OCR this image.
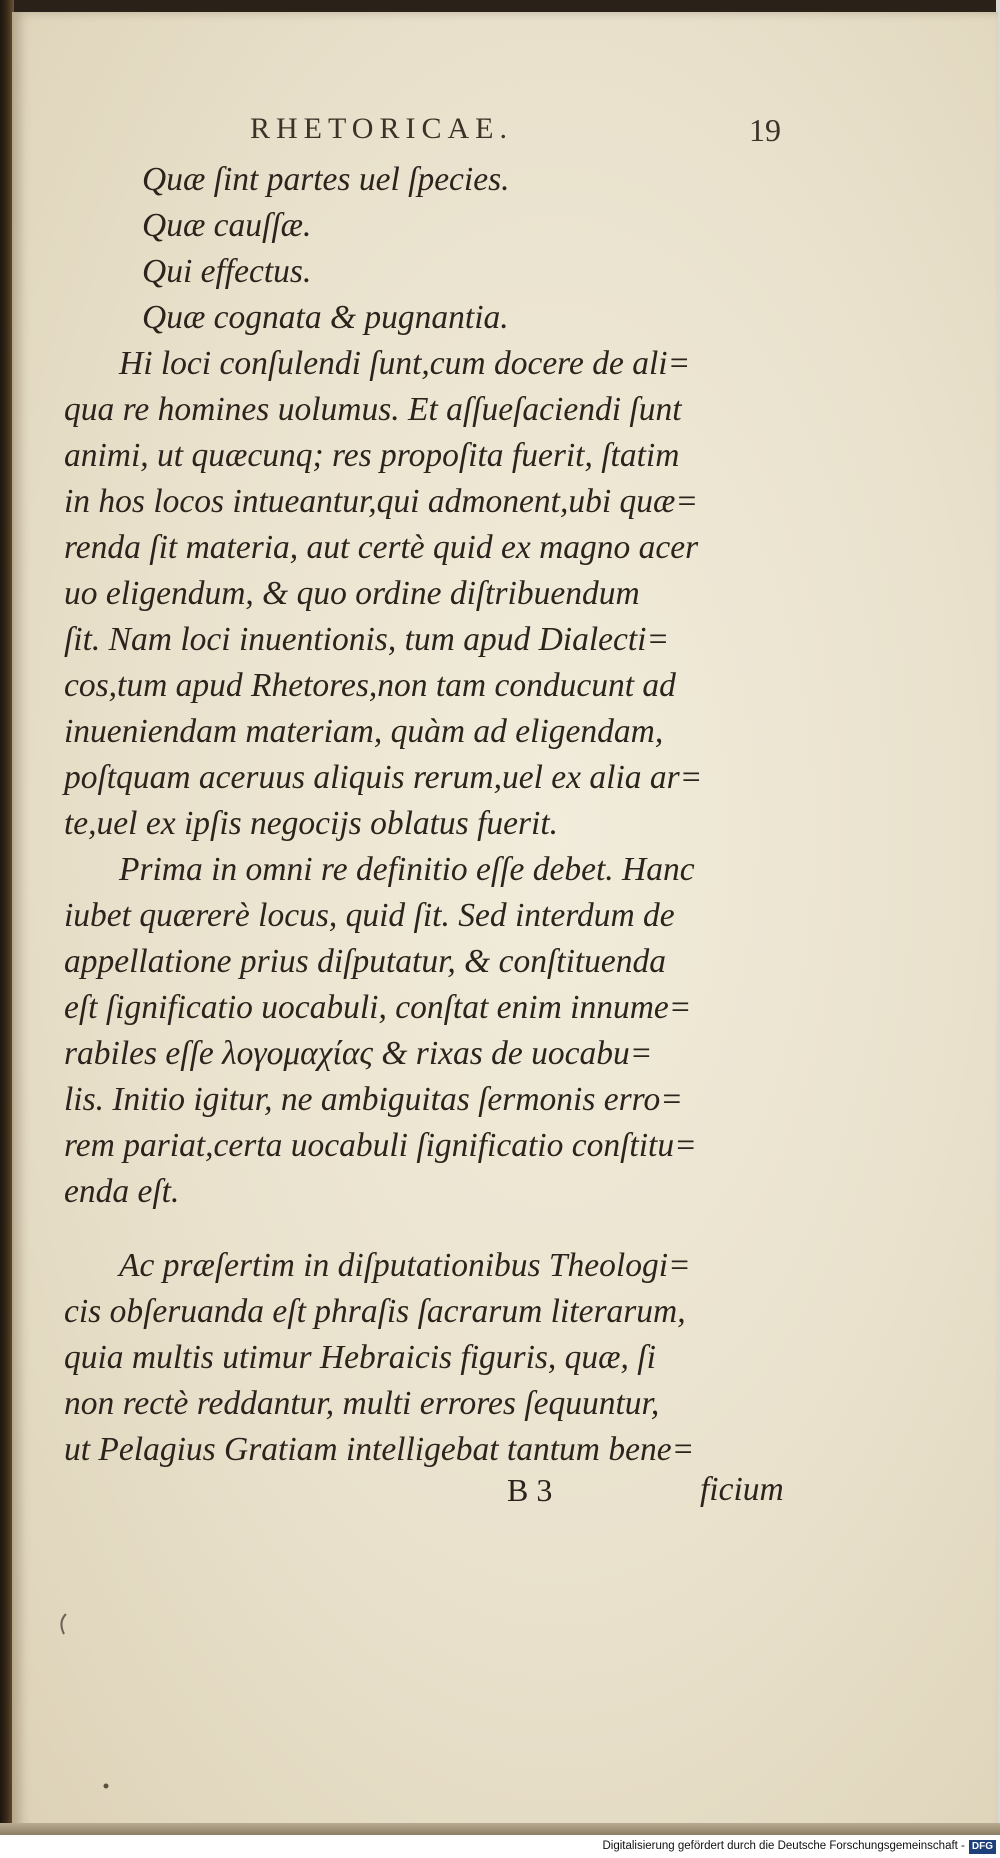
RHETORICAE.	19
Quæ ſint partes uel ſpecies.
Quæ cauſſæ.
Qui effectus.
Quæ cognata & pugnantia.
Hi loci conſulendi ſunt,cum docere de ali=
qua re homines uolumus. Et aſſueſaciendi ſunt
animi, ut quæcunq; res propoſita fuerit, ſtatim
in hos locos intueantur,qui admonent,ubi quæ=
renda ſit materia, aut certè quid ex magno acer
uo eligendum, & quo ordine diſtribuendum
ſit. Nam loci inuentionis, tum apud Dialecti=
cos,tum apud Rhetores,non tam conducunt ad
inueniendam materiam, quàm ad eligendam,
poſtquam aceruus aliquis rerum,uel ex alia ar=
te,uel ex ipſis negocijs oblatus fuerit.
Prima in omni re definitio eſſe debet. Hanc
iubet quærerè locus, quid ſit. Sed interdum de
appellatione prius diſputatur, & conſtituenda
eſt ſignificatio uocabuli, conſtat enim innume=
rabiles eſſe λογομαχίας & rixas de uocabu=
lis. Initio igitur, ne ambiguitas ſermonis erro=
rem pariat,certa uocabuli ſignificatio conſtitu=
enda eſt.
Ac præſertim in diſputationibus Theologi=
cis obſeruanda eſt phraſis ſacrarum literarum,
quia multis utimur Hebraicis figuris, quæ, ſi
non rectè reddantur, multi errores ſequuntur,
ut Pelagius Gratiam intelligebat tantum bene=
B 3	ficium
Digitalisierung gefördert durch die Deutsche Forschungsgemeinschaft - DFG
